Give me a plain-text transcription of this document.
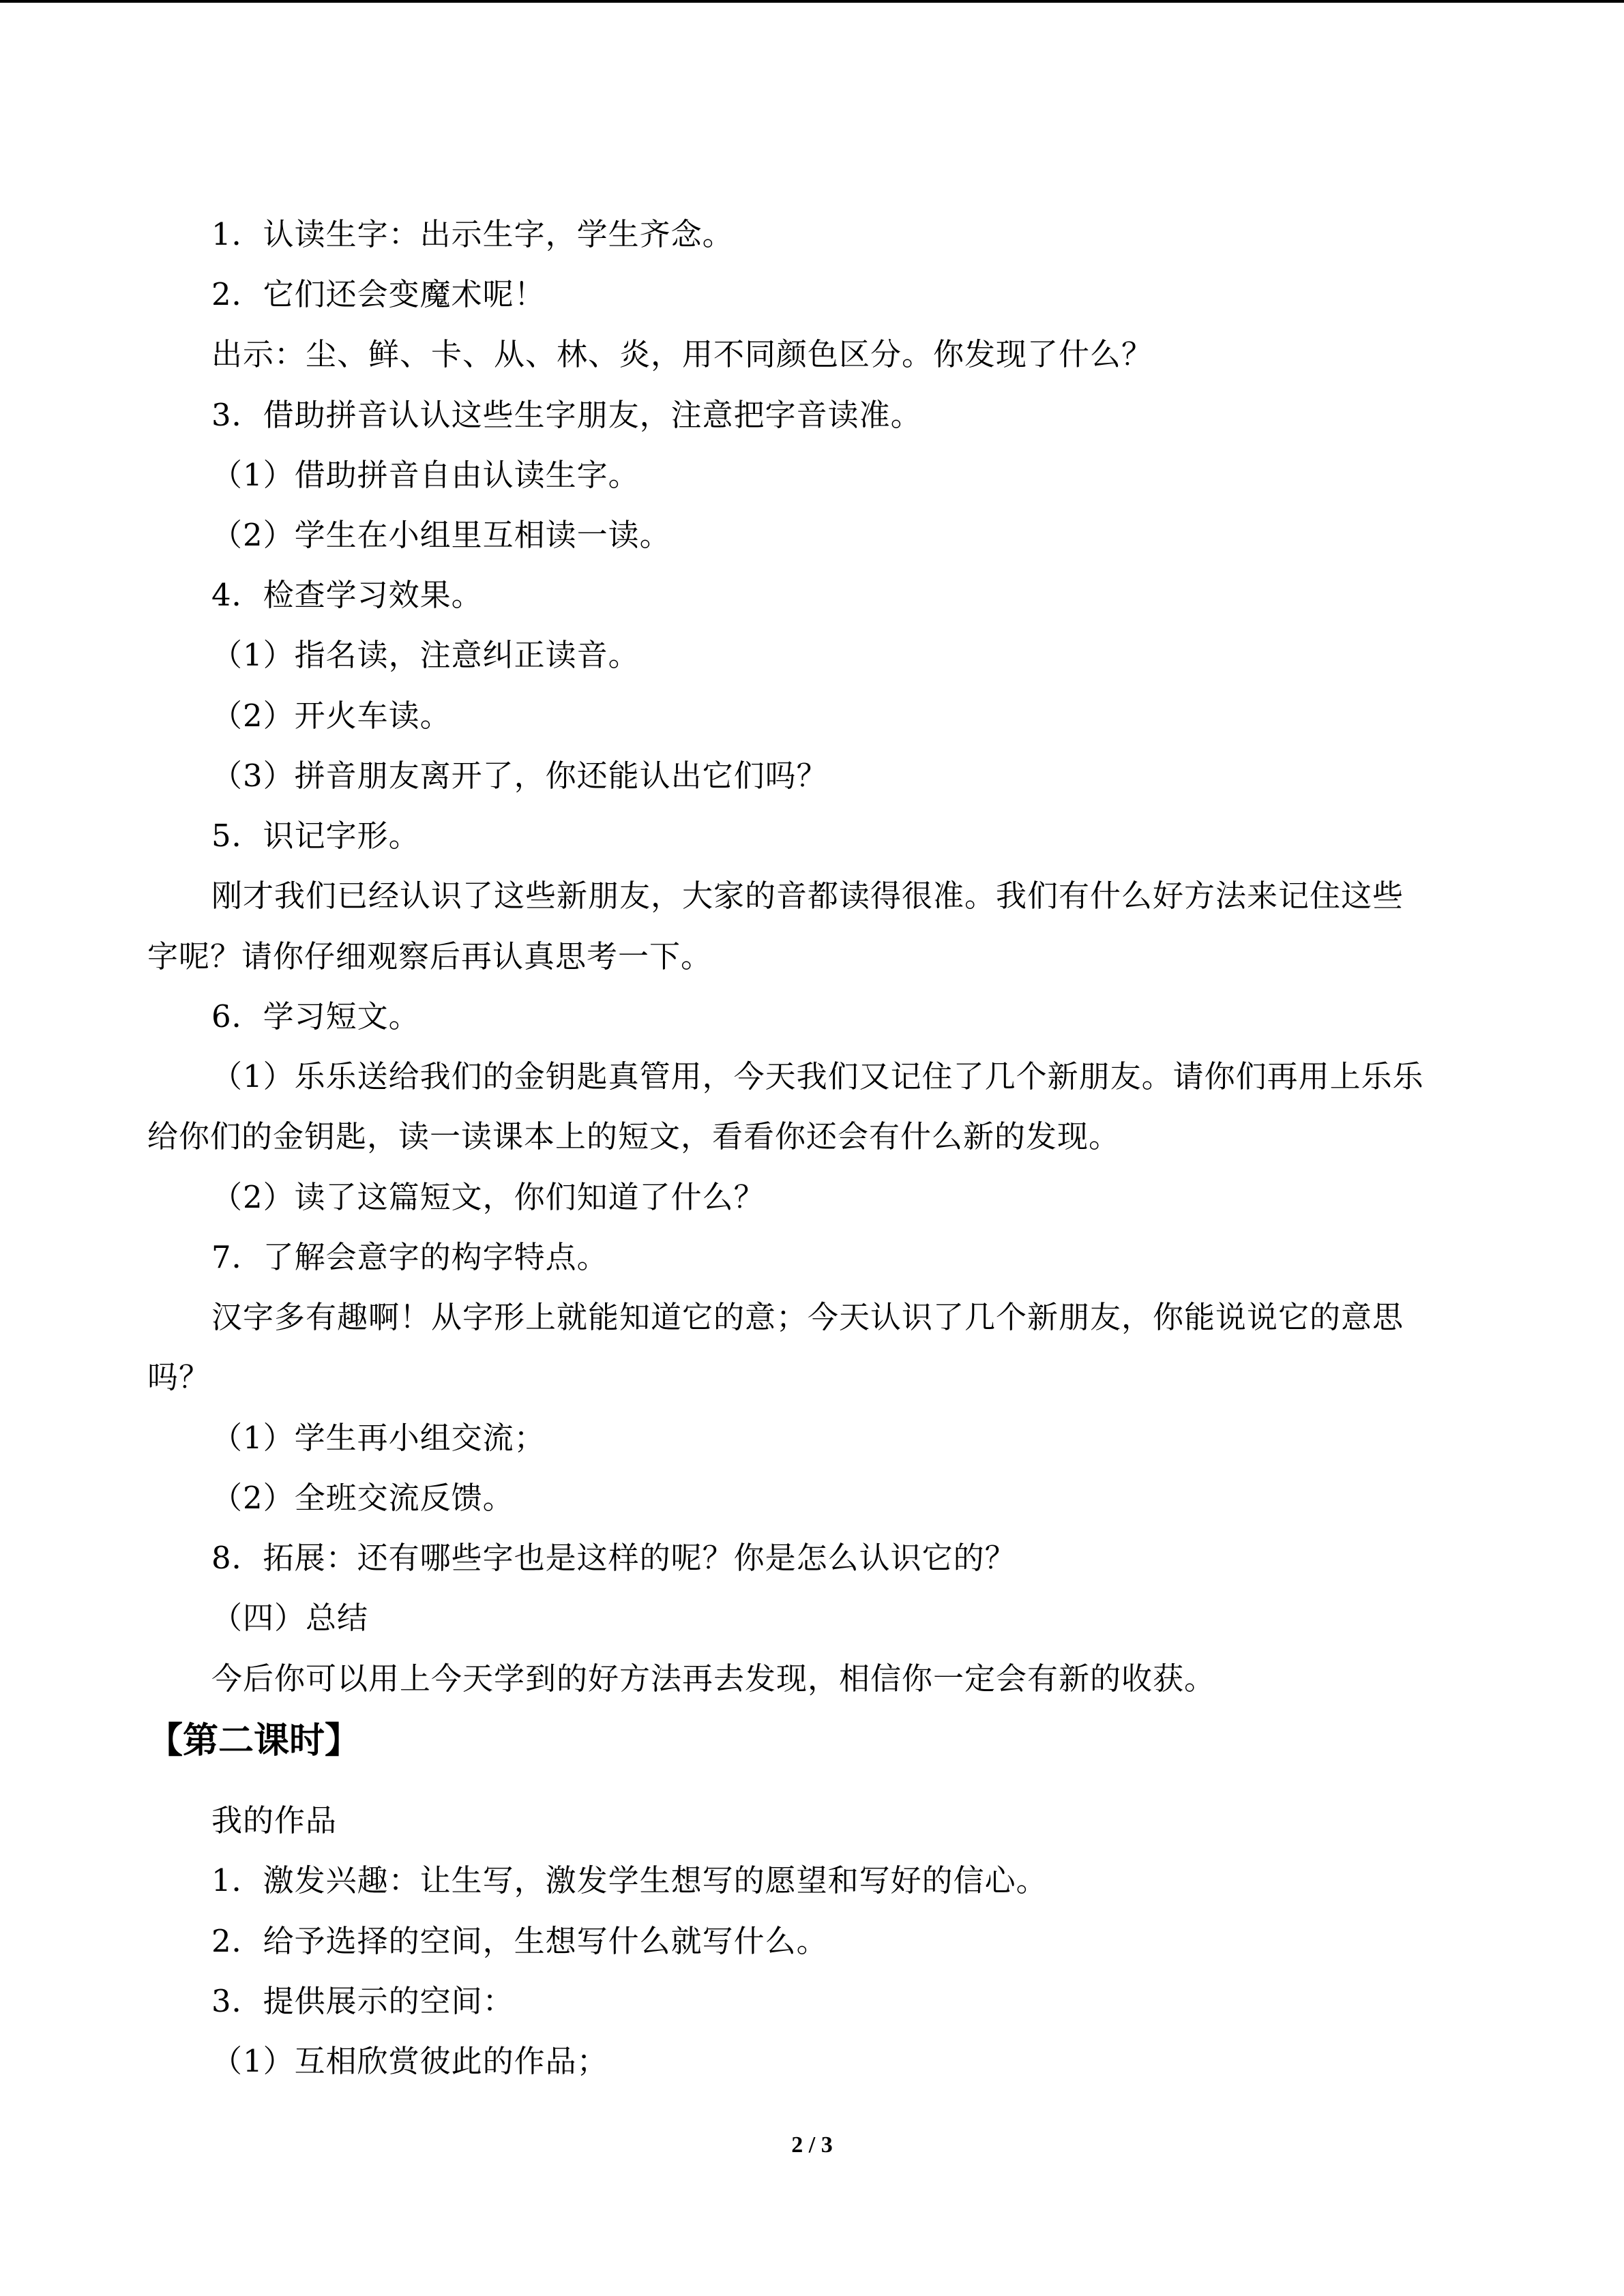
1．认读生字：出示生字，学生齐念。
2．它们还会变魔术呢！
出示：尘、鲜、卡、从、林、炎，用不同颜色区分。你发现了什么？
3．借助拼音认认这些生字朋友，注意把字音读准。
（1）借助拼音自由认读生字。
（2）学生在小组里互相读一读。
4．检查学习效果。
（1）指名读，注意纠正读音。
（2）开火车读。
（3）拼音朋友离开了，你还能认出它们吗？
5．识记字形。
刚才我们已经认识了这些新朋友，大家的音都读得很准。我们有什么好方法来记住这些
字呢？请你仔细观察后再认真思考一下。
6．学习短文。
（1）乐乐送给我们的金钥匙真管用，今天我们又记住了几个新朋友。请你们再用上乐乐
给你们的金钥匙，读一读课本上的短文，看看你还会有什么新的发现。
（2）读了这篇短文，你们知道了什么？
7．了解会意字的构字特点。
汉字多有趣啊！从字形上就能知道它的意；今天认识了几个新朋友，你能说说它的意思
吗？
（1）学生再小组交流；
（2）全班交流反馈。
8．拓展：还有哪些字也是这样的呢？你是怎么认识它的？
（四）总结
今后你可以用上今天学到的好方法再去发现，相信你一定会有新的收获。
【第二课时】
我的作品
1．激发兴趣：让生写，激发学生想写的愿望和写好的信心。
2．给予选择的空间，生想写什么就写什么。
3．提供展示的空间：
（1）互相欣赏彼此的作品；
2 / 3
